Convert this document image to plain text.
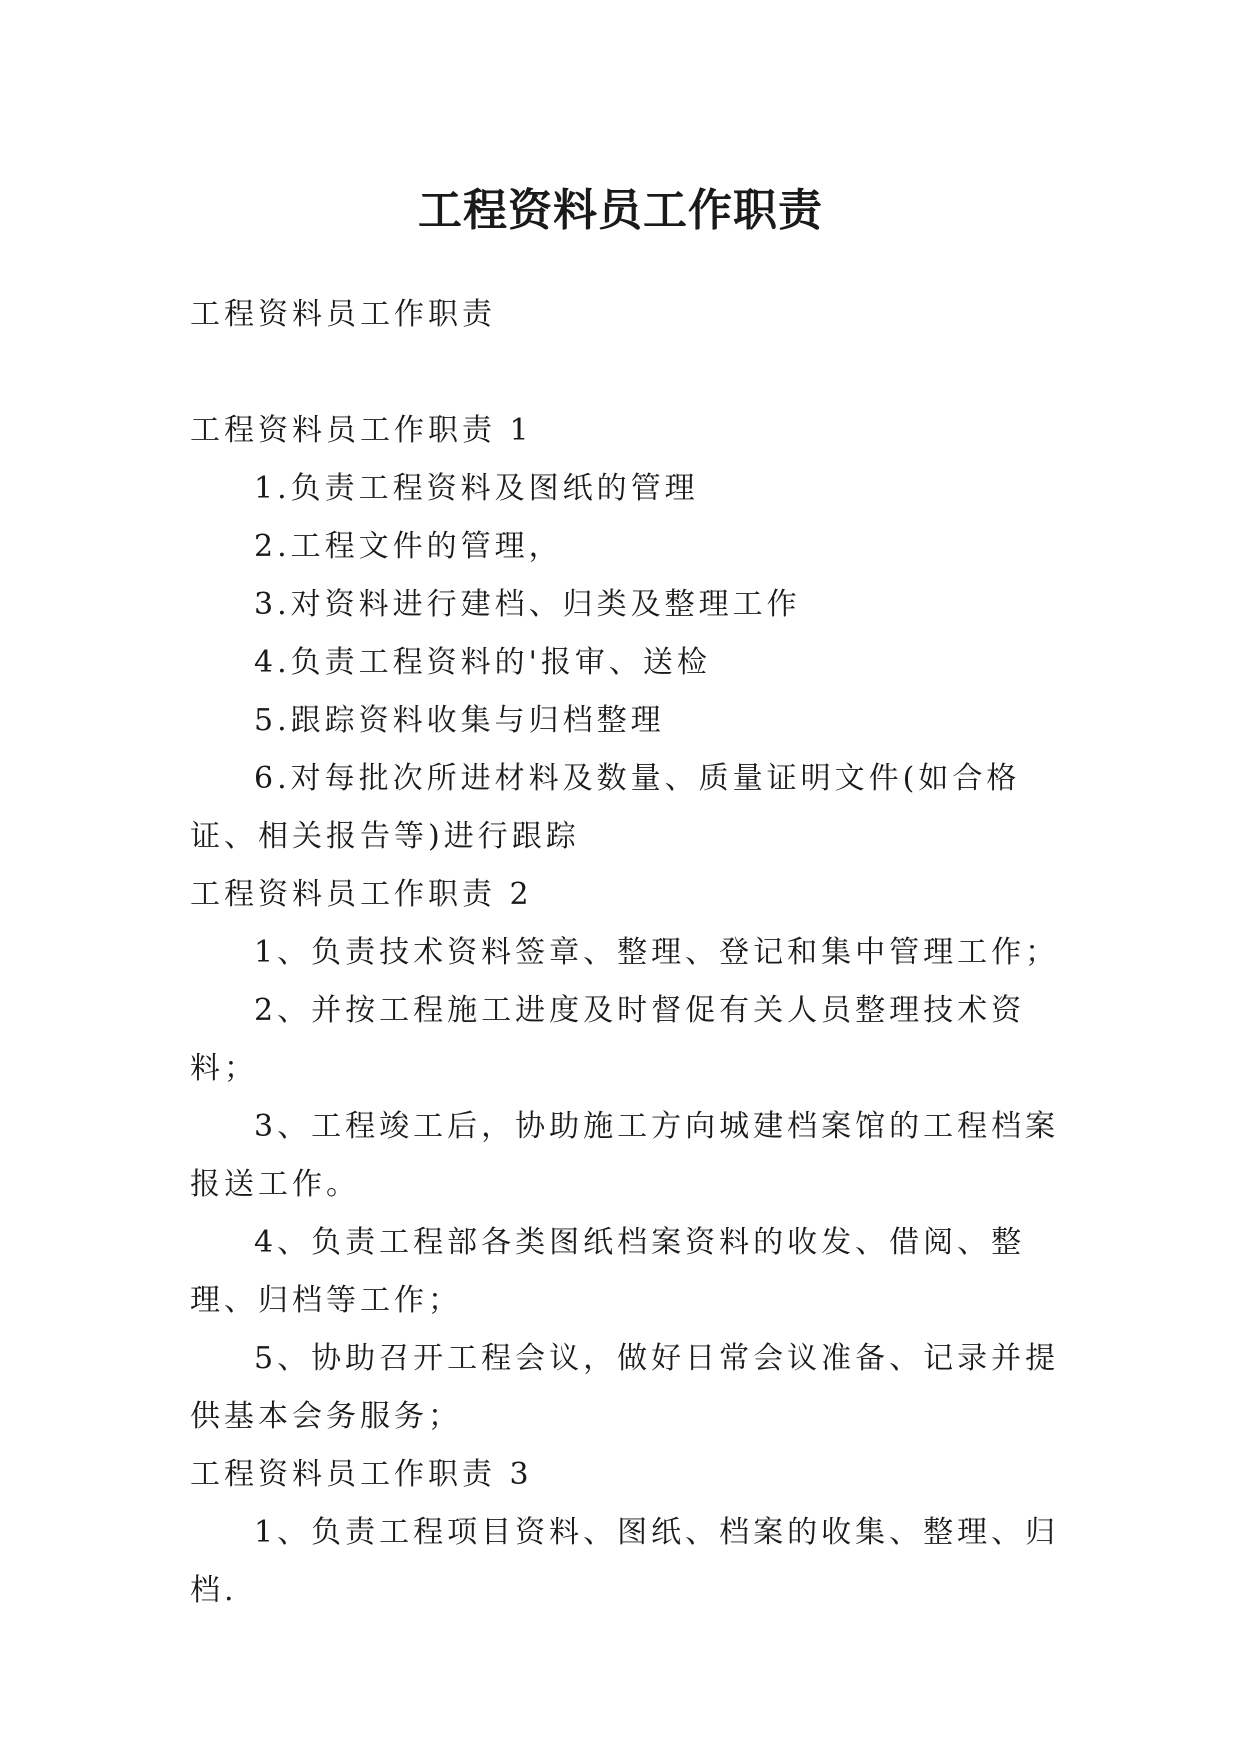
工程资料员工作职责

工程资料员工作职责

工程资料员工作职责 1

1.负责工程资料及图纸的管理

2.工程文件的管理，

3.对资料进行建档、归类及整理工作

4.负责工程资料的'报审、送检

5.跟踪资料收集与归档整理

6.对每批次所进材料及数量、质量证明文件(如合格证、相关报告等)进行跟踪

工程资料员工作职责 2

1、负责技术资料签章、整理、登记和集中管理工作；

2、并按工程施工进度及时督促有关人员整理技术资料；

3、工程竣工后，协助施工方向城建档案馆的工程档案报送工作。

4、负责工程部各类图纸档案资料的收发、借阅、整理、归档等工作；

5、协助召开工程会议，做好日常会议准备、记录并提供基本会务服务；

工程资料员工作职责 3

1、负责工程项目资料、图纸、档案的收集、整理、归档.
